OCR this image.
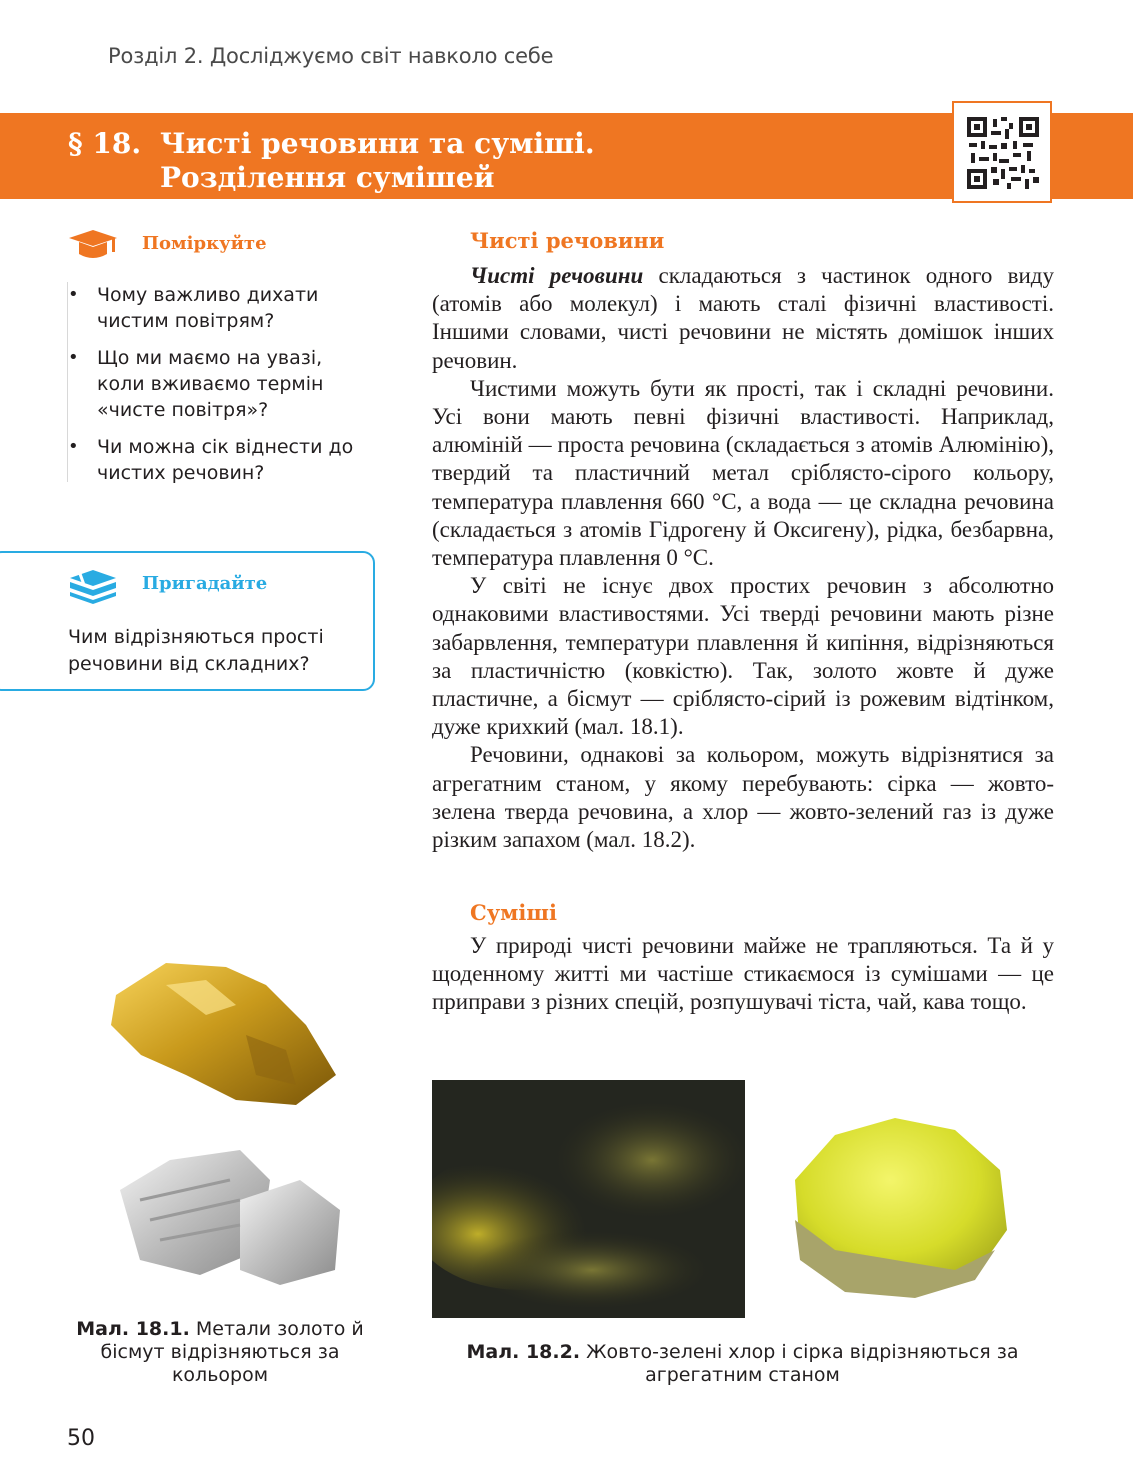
Розділ 2. Досліджуємо світ навколо себе
§ 18. Чисті речовини та суміші.
Розділення сумішей
Поміркуйте
• Чому важливо дихати чистим повітрям?
• Що ми маємо на увазі, коли вживаємо термін «чисте повітря»?
• Чи можна сік віднести до чистих речовин?
Пригадайте
Чим відрізняються прості речовини від складних?
Чисті речовини

Чисті речовини складаються з частинок одного виду (атомів або молекул) і мають сталі фізичні властивості. Іншими словами, чисті речовини не містять домішок інших речовин.

Чистими можуть бути як прості, так і складні речовини. Усі вони мають певні фізичні властивості. Наприклад, алюміній — проста речовина (складається з атомів Алюмінію), твердий та пластичний метал сріблясто-сірого кольору, температура плавлення 660 °С, а вода — це складна речовина (складається з атомів Гідрогену й Оксигену), рідка, безбарвна, температура плавлення 0 °С.

У світі не існує двох простих речовин з абсолютно однаковими властивостями. Усі тверді речовини мають різне забарвлення, температури плавлення й кипіння, відрізняються за пластичністю (ковкістю). Так, золото жовте й дуже пластичне, а бісмут — сріблясто-сірий із рожевим відтінком, дуже крихкий (мал. 18.1).

Речовини, однакові за кольором, можуть відрізнятися за агрегатним станом, у якому перебувають: сірка — жовто-зелена тверда речовина, а хлор — жовто-зелений газ із дуже різким запахом (мал. 18.2).

Суміші

У природі чисті речовини майже не трапляються. Та й у щоденному житті ми частіше стикаємося із сумішами — це приправи з різних спецій, розпушувачі тіста, чай, кава тощо.

Мал. 18.1. Метали золото й бісмут відрізняються за кольором
Мал. 18.2. Жовто-зелені хлор і сірка відрізняються за агрегатним станом
50
